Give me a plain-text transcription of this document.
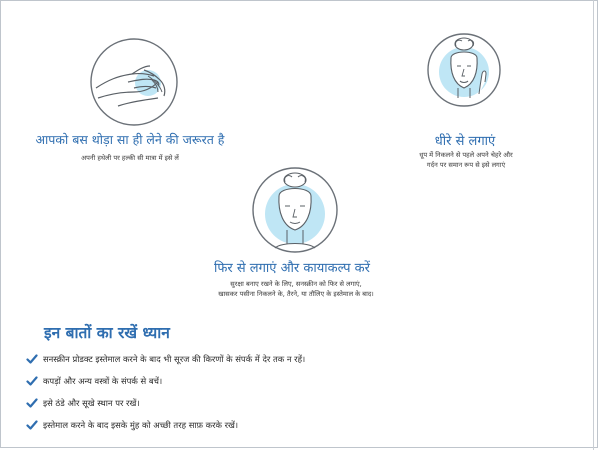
आपको बस थोड़ा सा ही लेने की जरूरत है

अपनी हथेली पर हल्की सी मात्रा में इसे लें

धीरे से लगाएं

धूप में निकलने से पहले अपने चेहरे और
गर्दन पर समान रूप से इसे लगाएं

फिर से लगाएं और कायाकल्प करें

सुरक्षा बनाए रखने के लिए, सनस्क्रीन को फिर से लगाएं,
खासकर पसीना निकलने के, तैरने, या तौलिए के इस्तेमाल के बाद।

इन बातों का रखें ध्यान
सनस्क्रीन प्रोडक्ट इस्तेमाल करने के बाद भी सूरज की किरणों के संपर्क में देर तक न रहें।
कपड़ों और अन्य वस्त्रों के संपर्क से बचें।
इसे ठंडे और सूखे स्थान पर रखें।
इस्तेमाल करने के बाद इसके मुंह को अच्छी तरह साफ़ करके रखें।
